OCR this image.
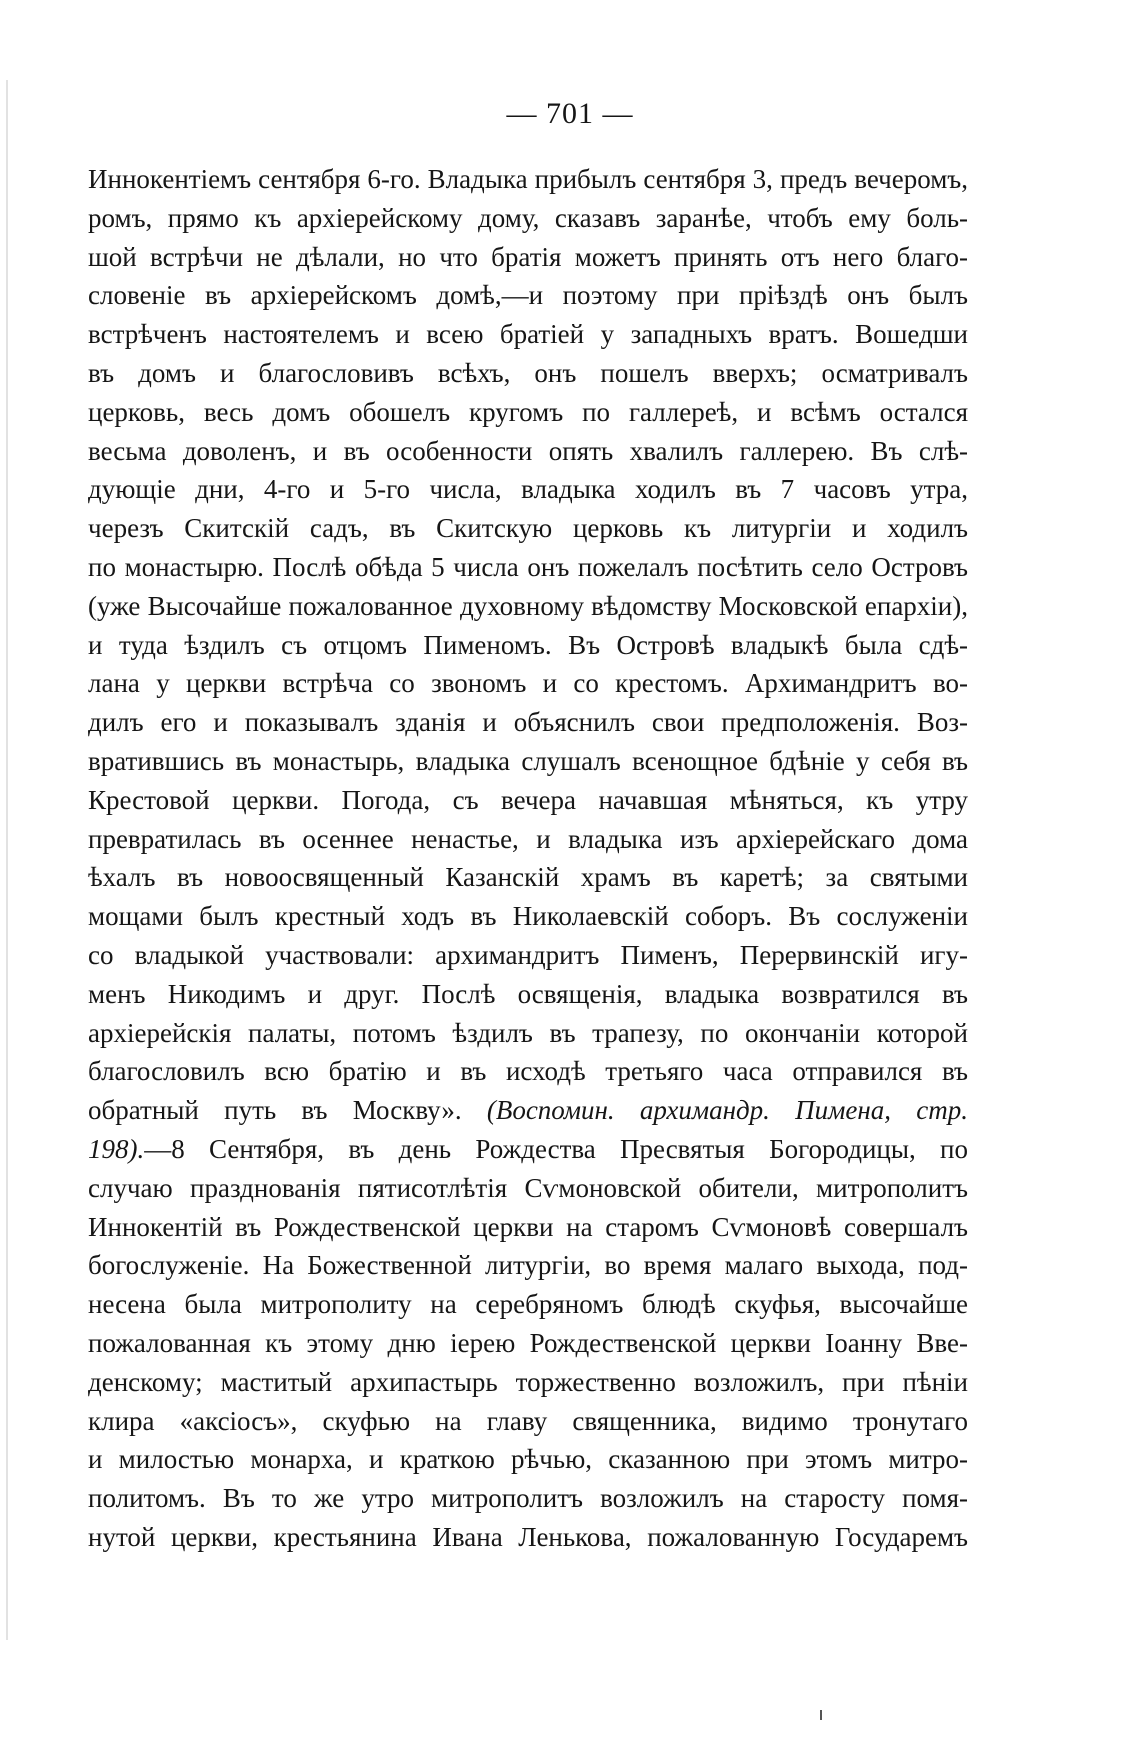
— 701 —
Иннокентіемъ сентября 6-го. Владыка прибылъ сентября 3, предъ вечеромъ,
ромъ, прямо къ архіерейскому дому, сказавъ заранѣе, чтобъ ему боль-
шой встрѣчи не дѣлали, но что братія можетъ принять отъ него благо-
словеніе въ архіерейскомъ домѣ,—и поэтому при пріѣздѣ онъ былъ
встрѣченъ настоятелемъ и всею братіей у западныхъ вратъ. Вошедши
въ домъ и благословивъ всѣхъ, онъ пошелъ вверхъ; осматривалъ
церковь, весь домъ обошелъ кругомъ по галлереѣ, и всѣмъ остался
весьма доволенъ, и въ особенности опять хвалилъ галлерею. Въ слѣ-
дующіе дни, 4-го и 5-го числа, владыка ходилъ въ 7 часовъ утра,
черезъ Скитскій садъ, въ Скитскую церковь къ литургіи и ходилъ
по монастырю. Послѣ обѣда 5 числа онъ пожелалъ посѣтить село Островъ
(уже Высочайше пожалованное духовному вѣдомству Московской епархіи),
и туда ѣздилъ съ отцомъ Пименомъ. Въ Островѣ владыкѣ была сдѣ-
лана у церкви встрѣча со звономъ и со крестомъ. Архимандритъ во-
дилъ его и показывалъ зданія и объяснилъ свои предположенія. Воз-
вратившись въ монастырь, владыка слушалъ всенощное бдѣніе у себя въ
Крестовой церкви. Погода, съ вечера начавшая мѣняться, къ утру
превратилась въ осеннее ненастье, и владыка изъ архіерейскаго дома
ѣхалъ въ новоосвященный Казанскій храмъ въ каретѣ; за святыми
мощами былъ крестный ходъ въ Николаевскій соборъ. Въ сослуженіи
со владыкой участвовали: архимандритъ Пименъ, Перервинскій игу-
менъ Никодимъ и друг. Послѣ освященія, владыка возвратился въ
архіерейскія палаты, потомъ ѣздилъ въ трапезу, по окончаніи которой
благословилъ всю братію и въ исходѣ третьяго часа отправился въ
обратный путь въ Москву». (Воспомин. архимандр. Пимена, стр.
198).—8 Сентября, въ день Рождества Пресвятыя Богородицы, по
случаю празднованія пятисотлѣтія Сѵмоновской обители, митрополитъ
Иннокентій въ Рождественской церкви на старомъ Сѵмоновѣ совершалъ
богослуженіе. На Божественной литургіи, во время малаго выхода, под-
несена была митрополиту на серебряномъ блюдѣ скуфья, высочайше
пожалованная къ этому дню іерею Рождественской церкви Іоанну Вве-
денскому; маститый архипастырь торжественно возложилъ, при пѣніи
клира «аксіосъ», скуфью на главу священника, видимо тронутаго
и милостью монарха, и краткою рѣчью, сказанною при этомъ митро-
политомъ. Въ то же утро митрополитъ возложилъ на старосту помя-
нутой церкви, крестьянина Ивана Ленькова, пожалованную Государемъ
